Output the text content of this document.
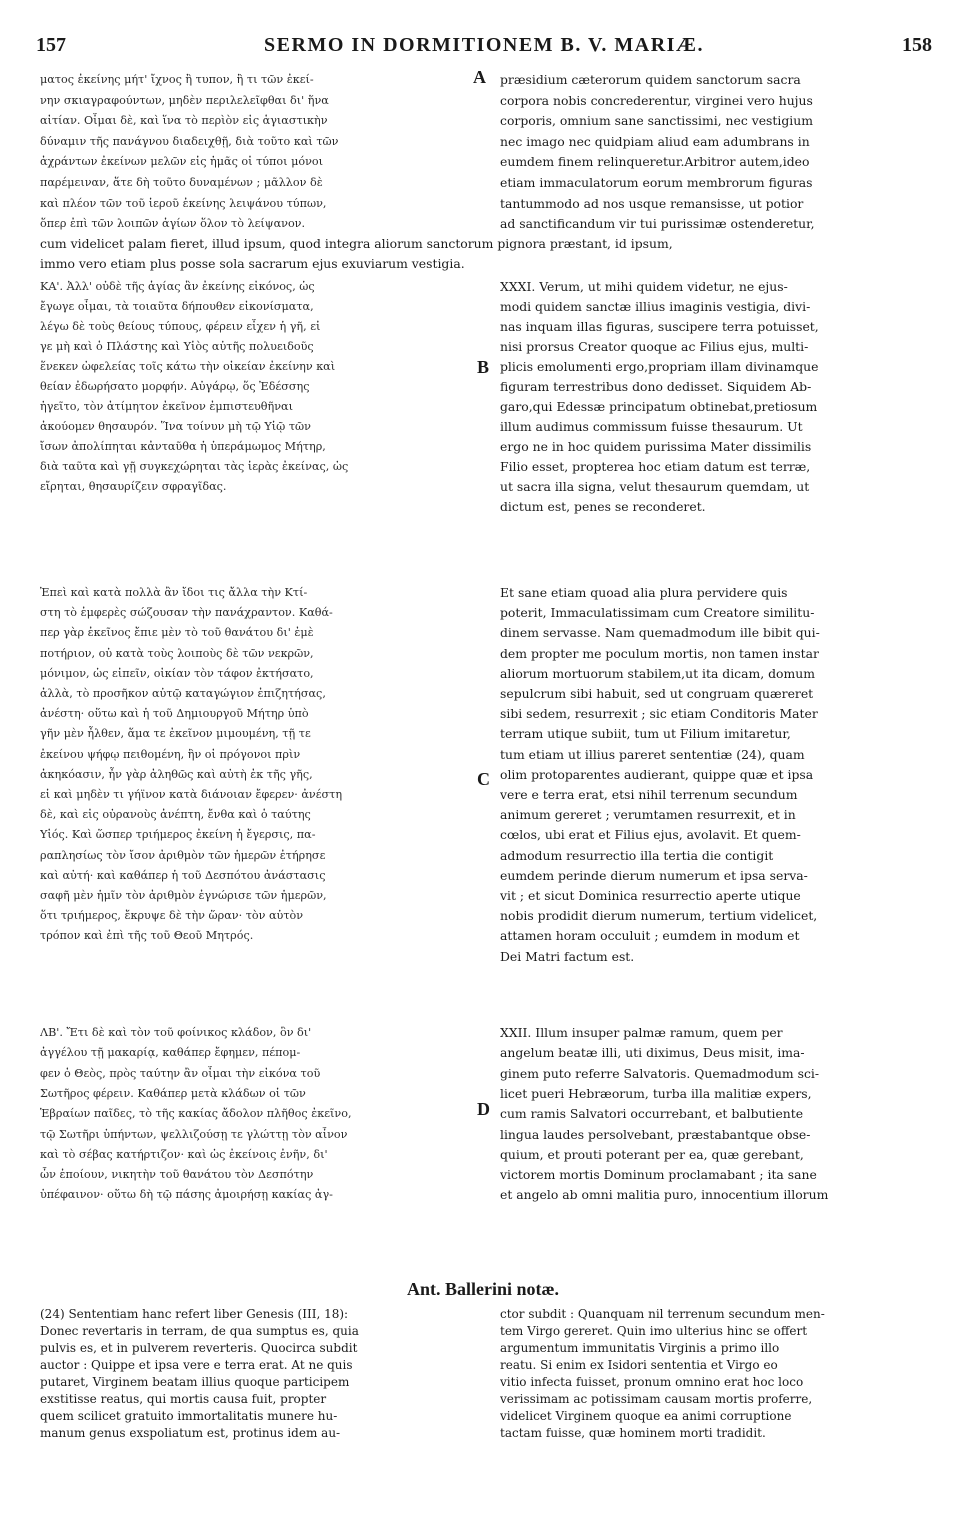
157	SERMO IN DORMITIONEM B. V. MARIÆ.	158
A
B
C
D
ματος ἐκείνης μήτ' ἴχνος ἢ τυπον, ἢ τι τῶν ἐκεί-
νην σκιαγραφούντων, μηδὲν περιλελεῖφθαι δι' ἥνα
αἰτίαν. Οἶμαι δὲ, καὶ ἵνα τὸ περὶὸν εἰς ἁγιαστικὴν
δύναμιν τῆς πανάγνου διαδειχθῇ, διὰ τοῦτο καὶ τῶν
ἀχράντων ἐκείνων μελῶν εἰς ἡμᾶς οἱ τύποι μόνοι
παρέμειναν, ἅτε δὴ τοῦτο δυναμένων ; μᾶλλον δὲ
καὶ πλέον τῶν τοῦ ἱεροῦ ἐκείνης λειψάνου τύπων,
ὅπερ ἐπὶ τῶν λοιπῶν ἁγίων ὅλον τὸ λείψανον.
præsidium cæterorum quidem sanctorum sacra
corpora nobis concrederentur, virginei vero hujus
corporis, omnium sane sanctissimi, nec vestigium
nec imago nec quidpiam aliud eam adumbrans in
eumdem finem relinqueretur.Arbitror autem,ideo
etiam immaculatorum eorum membrorum figuras
tantummodo ad nos usque remansisse, ut potior
ad sanctificandum vir tui purissimæ ostenderetur,
cum videlicet palam fieret, illud ipsum, quod integra aliorum sanctorum pignora præstant, id ipsum,
immo vero etiam plus posse sola sacrarum ejus exuviarum vestigia.
ΚΑ'. Ἀλλ' οὐδὲ τῆς ἁγίας ἂν ἐκείνης εἰκόνος, ὡς
ἔγωγε οἶμαι, τὰ τοιαῦτα δήπουθεν εἰκονίσματα,
λέγω δὲ τοὺς θείους τύπους, φέρειν εἶχεν ἡ γῆ, εἰ
γε μὴ καὶ ὁ Πλάστης καὶ Υἱὸς αὐτῆς πολυειδοῦς
ἕνεκεν ὠφελείας τοῖς κάτω τὴν οἰκείαν ἐκείνην καὶ
θείαν ἐδωρήσατο μορφήν. Αὐγάρῳ, ὅς Ἐδέσσης
ἡγεῖτο, τὸν ἀτίμητον ἐκεῖνον ἐμπιστευθῆναι
ἀκούομεν θησαυρόν. Ἵνα τοίνυν μὴ τῷ Υἱῷ τῶν
ἴσων ἀπολίπηται κἀνταῦθα ἡ ὑπεράμωμος Μήτηρ,
διὰ ταῦτα καὶ γῇ συγκεχώρηται τὰς ἱερὰς ἐκείνας, ὡς
εἴρηται, θησαυρίζειν σφραγῖδας.
XXXI. Verum, ut mihi quidem videtur, ne ejus-
modi quidem sanctæ illius imaginis vestigia, divi-
nas inquam illas figuras, suscipere terra potuisset,
nisi prorsus Creator quoque ac Filius ejus, multi-
plicis emolumenti ergo,propriam illam divinamque
figuram terrestribus dono dedisset. Siquidem Ab-
garo,qui Edessæ principatum obtinebat,pretiosum
illum audimus commissum fuisse thesaurum. Ut
ergo ne in hoc quidem purissima Mater dissimilis
Filio esset, propterea hoc etiam datum est terræ,
ut sacra illa signa, velut thesaurum quemdam, ut
dictum est, penes se reconderet.
Ἐπεὶ καὶ κατὰ πολλὰ ἂν ἴδοι τις ἄλλα τὴν Κτί-
στη τὸ ἐμφερὲς σώζουσαν τὴν πανάχραντον. Καθά-
περ γὰρ ἐκεῖνος ἔπιε μὲν τὸ τοῦ θανάτου δι' ἐμὲ
ποτήριον, οὐ κατὰ τοὺς λοιποὺς δὲ τῶν νεκρῶν,
μόνιμον, ὡς εἰπεῖν, οἰκίαν τὸν τάφον ἐκτήσατο,
ἀλλὰ, τὸ προσῆκον αὐτῷ καταγώγιον ἐπιζητήσας,
ἀνέστη· οὕτω καὶ ἡ τοῦ Δημιουργοῦ Μήτηρ ὑπὸ
γῆν μὲν ἦλθεν, ἅμα τε ἐκεῖνον μιμουμένη, τῇ τε
ἐκείνου ψήφῳ πειθομένη, ἣν οἱ πρόγονοι πρὶν
ἀκηκόασιν, ἦν γὰρ ἀληθῶς καὶ αὐτὴ ἐκ τῆς γῆς,
εἰ καὶ μηδὲν τι γήϊνον κατὰ διάνοιαν ἔφερεν· ἀνέστη
δὲ, καὶ εἰς οὐρανοὺς ἀνέπτη, ἔνθα καὶ ὁ ταύτης
Υἱός. Καὶ ὥσπερ τριήμερος ἐκείνη ἡ ἔγερσις, πα-
ραπλησίως τὸν ἴσον ἀριθμὸν τῶν ἡμερῶν ἐτήρησε
καὶ αὐτή· καὶ καθάπερ ἡ τοῦ Δεσπότου ἀνάστασις
σαφῆ μὲν ἡμῖν τὸν ἀριθμὸν ἐγνώρισε τῶν ἡμερῶν,
ὅτι τριήμερος, ἔκρυψε δὲ τὴν ὥραν· τὸν αὐτὸν
τρόπον καὶ ἐπὶ τῆς τοῦ Θεοῦ Μητρός.
Et sane etiam quoad alia plura pervidere quis
poterit, Immaculatissimam cum Creatore similitu-
dinem servasse. Nam quemadmodum ille bibit qui-
dem propter me poculum mortis, non tamen instar
aliorum mortuorum stabilem,ut ita dicam, domum
sepulcrum sibi habuit, sed ut congruam quæreret
sibi sedem, resurrexit ; sic etiam Conditoris Mater
terram utique subiit, tum ut Filium imitaretur,
tum etiam ut illius pareret sententiæ (24), quam
olim protoparentes audierant, quippe quæ et ipsa
vere e terra erat, etsi nihil terrenum secundum
animum gereret ; verumtamen resurrexit, et in
cœlos, ubi erat et Filius ejus, avolavit. Et quem-
admodum resurrectio illa tertia die contigit
eumdem perinde dierum numerum et ipsa serva-
vit ; et sicut Dominica resurrectio aperte utique
nobis prodidit dierum numerum, tertium videlicet,
attamen horam occuluit ; eumdem in modum et
Dei Matri factum est.
ΛΒ'. Ἔτι δὲ καὶ τὸν τοῦ φοίνικος κλάδον, ὃν δι'
ἀγγέλου τῇ μακαρίᾳ, καθάπερ ἔφημεν, πέπομ-
φεν ὁ Θεὸς, πρὸς ταύτην ἂν οἶμαι τὴν εἰκόνα τοῦ
Σωτῆρος φέρειν. Καθάπερ μετὰ κλάδων οἱ τῶν
Ἑβραίων παῖδες, τὸ τῆς κακίας ἄδολον πλῆθος ἐκεῖνο,
τῷ Σωτῆρι ὑπήντων, ψελλιζούσῃ τε γλώττῃ τὸν αἶνον
καὶ τὸ σέβας κατήρτιζον· καὶ ὡς ἐκείνοις ἐνῆν, δι'
ὧν ἐποίουν, νικητὴν τοῦ θανάτου τὸν Δεσπότην
ὑπέφαινον· οὕτω δὴ τῷ πάσης ἀμοιρήσῃ κακίας ἀγ-
XXII. Illum insuper palmæ ramum, quem per
angelum beatæ illi, uti diximus, Deus misit, ima-
ginem puto referre Salvatoris. Quemadmodum sci-
licet pueri Hebræorum, turba illa malitiæ expers,
cum ramis Salvatori occurrebant, et balbutiente
lingua laudes persolvebant, præstabantque obse-
quium, et prouti poterant per ea, quæ gerebant,
victorem mortis Dominum proclamabant ; ita sane
et angelo ab omni malitia puro, innocentium illorum
(24) Sententiam hanc refert liber Genesis (III, 18):
Donec revertaris in terram, de qua sumptus es, quia
pulvis es, et in pulverem reverteris. Quocirca subdit
auctor : Quippe et ipsa vere e terra erat. At ne quis
putaret, Virginem beatam illius quoque participem
exstitisse reatus, qui mortis causa fuit, propter
quem scilicet gratuito immortalitatis munere hu-
manum genus exspoliatum est, protinus idem au-
ctor subdit : Quanquam nil terrenum secundum men-
tem Virgo gereret. Quin imo ulterius hinc se offert
argumentum immunitatis Virginis a primo illo
reatu. Si enim ex Isidori sententia et Virgo eo
vitio infecta fuisset, pronum omnino erat hoc loco
verissimam ac potissimam causam mortis proferre,
videlicet Virginem quoque ea animi corruptione
tactam fuisse, quæ hominem morti tradidit.
Ant. Ballerini notæ.
